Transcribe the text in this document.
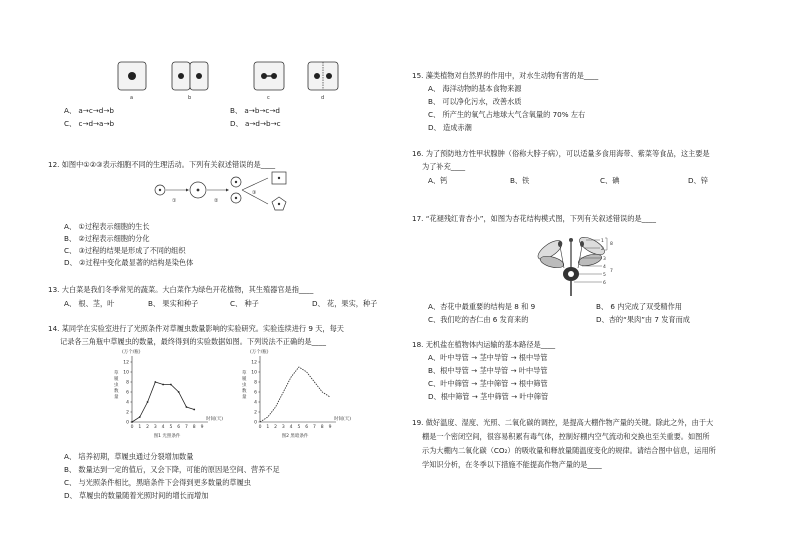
a	b	c	d
A、 a→c→d→b	B、 a→b→c→d
C、 c→d→a→b	D、 a→d→b→c
12. 如图中①②③表示细胞不同的生理活动。下列有关叙述错误的是____
①	②
③
A、 ①过程表示细胞的生长
B、 ②过程表示细胞的分化
C、 ③过程的结果是形成了不同的组织
D、 ②过程中变化最显著的结构是染色体
13. 大白菜是我们冬季常见的蔬菜。大白菜作为绿色开花植物，其生殖器官是指____
A、 根、茎，叶	B、 果实和种子	C、 种子	D、 花，果实，种子
14. 某同学在实验室进行了光照条件对草履虫数量影响的实验研究。实验连续进行 9 天，每天
记录各三角瓶中草履虫的数量，最终得到的实验数据如图。下列说法不正确的是____
(万个/瓶)
草
履
虫
数
量
0
2
4
6
8
10
12
0 1 2 3 4 5 6 7 8 9
时间(天)
图1 光照条件
(万个/瓶)
草
履
虫
数
量
0
2
4
6
8
10
12
0 1 2 3 4 5 6 7 8 9
时间(天)
图2 黑暗条件
A、 培养初期，草履虫通过分裂增加数量
B、 数量达到一定的值后，又会下降，可能的原因是空间、营养不足
C、 与光照条件相比，黑暗条件下会得到更多数量的草履虫
D、 草履虫的数量随着光照时间的增长而增加
15. 藻类植物对自然界的作用中，对水生动物有害的是____
A、 海洋动物的基本食物来源
B、 可以净化污水，改善水质
C、 所产生的氧气占地球大气含氧量的 70% 左右
D、 造成赤潮
16. 为了预防地方性甲状腺肿（俗称大脖子病），可以适量多食用海带、紫菜等食品，这主要是
为了补充____
A、钙	B、铁	C、碘	D、锌
17. “花褪残红青杏小”，如图为杏花结构模式图，下列有关叙述错误的是____
1
2
3
4
5
6
7
8
A、杏花中最重要的结构是 8 和 9	B、 6 内完成了双受精作用
C、我们吃的杏仁由 6 发育来的	D、杏的“果肉”由 7 发育而成
18. 无机盐在植物体内运输的基本路径是____
A、叶中导管 → 茎中导管 → 根中导管
B、根中导管 → 茎中导管 → 叶中导管
C、叶中筛管 → 茎中筛管 → 根中筛管
D、根中筛管 → 茎中筛管 → 叶中筛管
19. 做好温度、湿度、光照、二氧化碳的调控，是提高大棚作物产量的关键。除此之外，由于大
棚是一个密闭空间，很容易积累有毒气体，控制好棚内空气流动和交换也至关重要。如图所
示为大棚内二氧化碳（CO₂）的吸收量和释放量随温度变化的规律。请结合图中信息，运用所
学知识分析，在冬季以下措施不能提高作物产量的是____
